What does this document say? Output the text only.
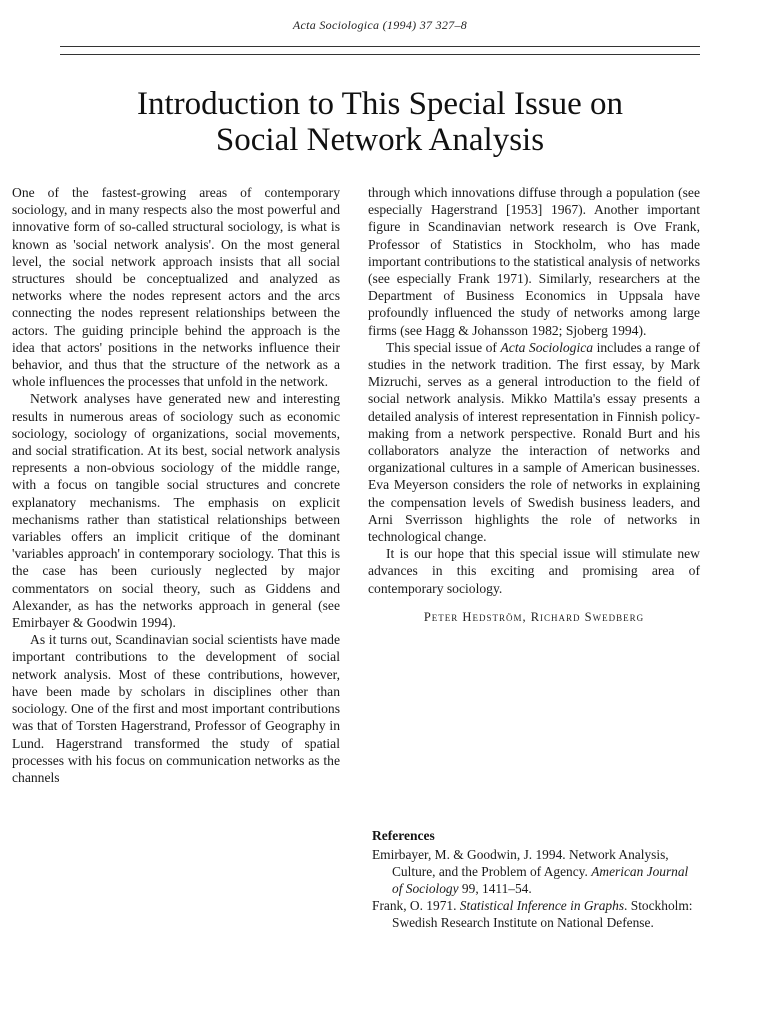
Acta Sociologica (1994) 37 327–8
Introduction to This Special Issue on
Social Network Analysis

One of the fastest-growing areas of contemporary sociology, and in many respects also the most powerful and innovative form of so-called structural sociology, is what is known as 'social network analysis'. On the most general level, the social network approach insists that all social structures should be conceptualized and analyzed as networks where the nodes represent actors and the arcs connecting the nodes represent relationships between the actors. The guiding principle behind the approach is the idea that actors' positions in the networks influence their behavior, and thus that the structure of the network as a whole influences the processes that unfold in the network.

Network analyses have generated new and interesting results in numerous areas of sociology such as economic sociology, sociology of organizations, social movements, and social stratification. At its best, social network analysis represents a non-obvious sociology of the middle range, with a focus on tangible social structures and concrete explanatory mechanisms. The emphasis on explicit mechanisms rather than statistical relationships between variables offers an implicit critique of the dominant 'variables approach' in contemporary sociology. That this is the case has been curiously neglected by major commentators on social theory, such as Giddens and Alexander, as has the networks approach in general (see Emirbayer & Goodwin 1994).

As it turns out, Scandinavian social scientists have made important contributions to the development of social network analysis. Most of these contributions, however, have been made by scholars in disciplines other than sociology. One of the first and most important contributions was that of Torsten Hagerstrand, Professor of Geography in Lund. Hagerstrand transformed the study of spatial processes with his focus on communication networks as the channels

through which innovations diffuse through a population (see especially Hagerstrand [1953] 1967). Another important figure in Scandinavian network research is Ove Frank, Professor of Statistics in Stockholm, who has made important contributions to the statistical analysis of networks (see especially Frank 1971). Similarly, researchers at the Department of Business Economics in Uppsala have profoundly influenced the study of networks among large firms (see Hagg & Johansson 1982; Sjoberg 1994).

This special issue of Acta Sociologica includes a range of studies in the network tradition. The first essay, by Mark Mizruchi, serves as a general introduction to the field of social network analysis. Mikko Mattila's essay presents a detailed analysis of interest representation in Finnish policy-making from a network perspective. Ronald Burt and his collaborators analyze the interaction of networks and organizational cultures in a sample of American businesses. Eva Meyerson considers the role of networks in explaining the compensation levels of Swedish business leaders, and Arni Sverrisson highlights the role of networks in technological change.

It is our hope that this special issue will stimulate new advances in this exciting and promising area of contemporary sociology.

Peter Hedström, Richard Swedberg
References

Emirbayer, M. & Goodwin, J. 1994. Network Analysis, Culture, and the Problem of Agency. American Journal of Sociology 99, 1411–54.

Frank, O. 1971. Statistical Inference in Graphs. Stockholm: Swedish Research Institute on National Defense.
